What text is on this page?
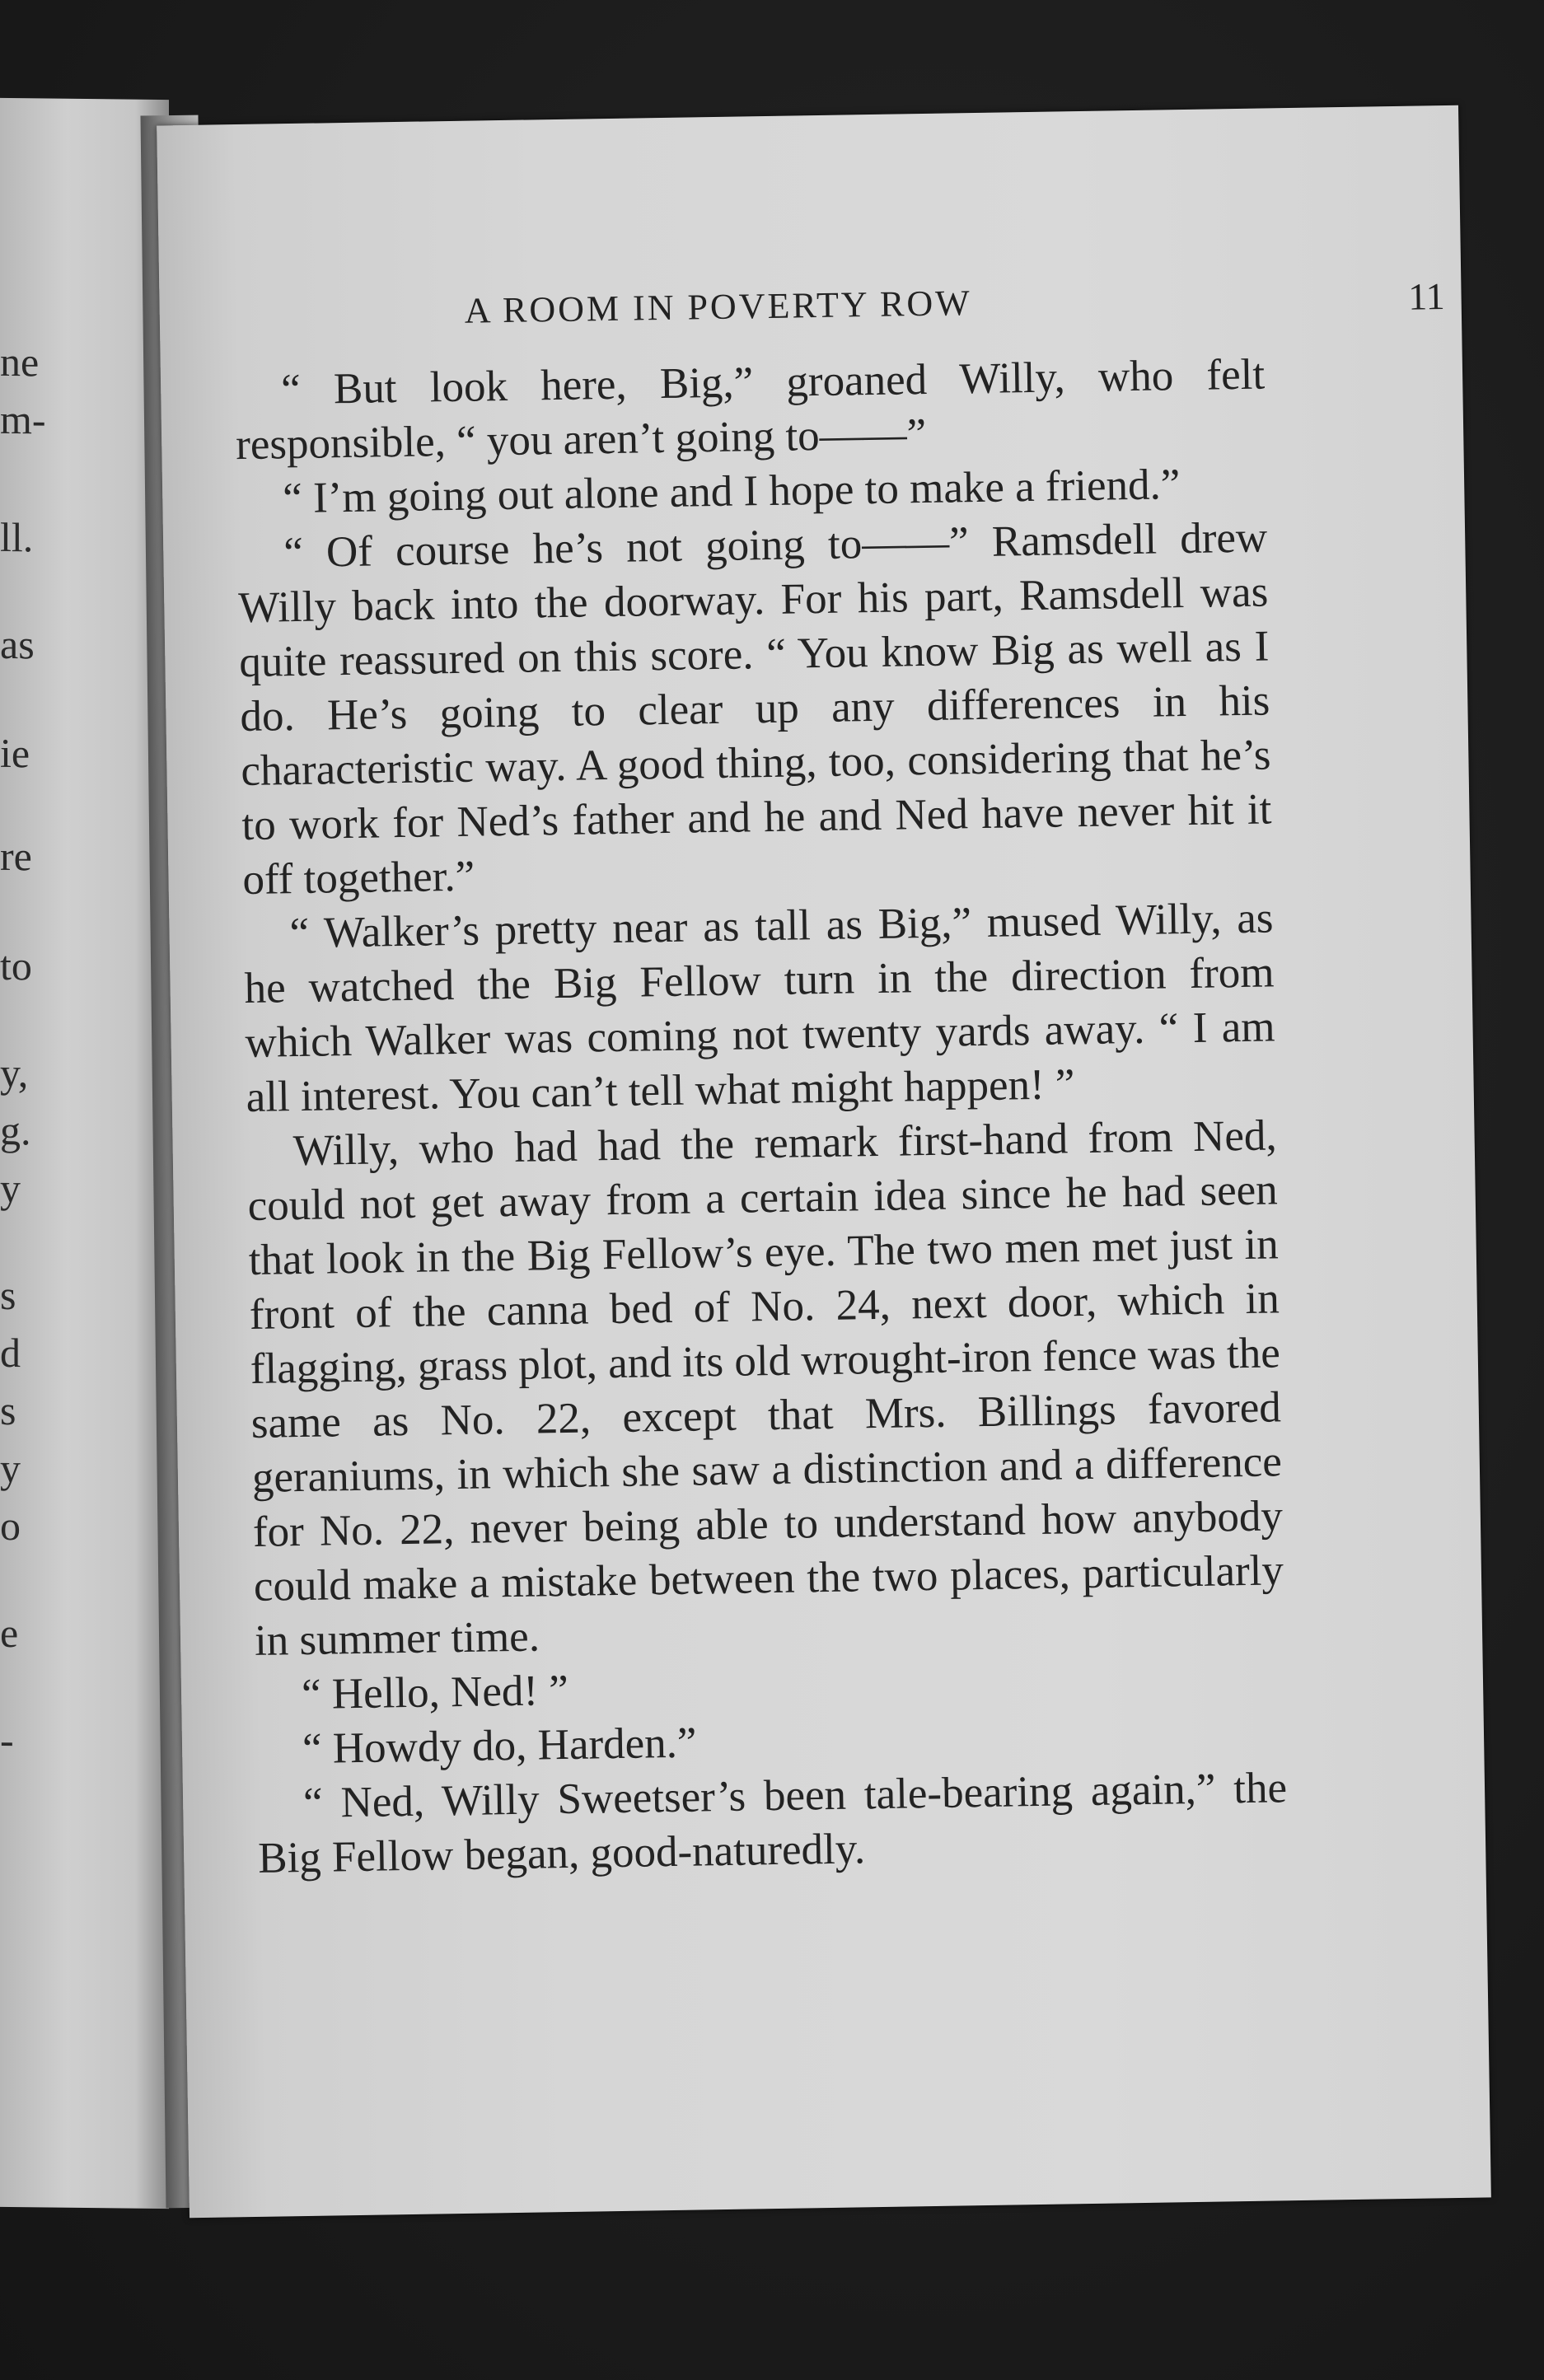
ne
m-
ll.
as
ie
re
to
y,
g.
y
s
d
s
y
o
e
-
A ROOM IN POVERTY ROW	11

“ But look here, Big,” groaned Willy, who felt responsible, “ you aren’t going to——”

“ I’m going out alone and I hope to make a friend.”

“ Of course he’s not going to——” Ramsdell drew Willy back into the doorway. For his part, Ramsdell was quite reassured on this score. “ You know Big as well as I do. He’s going to clear up any differences in his characteristic way. A good thing, too, considering that he’s to work for Ned’s father and he and Ned have never hit it off together.”

“ Walker’s pretty near as tall as Big,” mused Willy, as he watched the Big Fellow turn in the direction from which Walker was coming not twenty yards away. “ I am all interest. You can’t tell what might happen! ”

Willy, who had had the remark first-hand from Ned, could not get away from a certain idea since he had seen that look in the Big Fellow’s eye. The two men met just in front of the canna bed of No. 24, next door, which in flagging, grass plot, and its old wrought-iron fence was the same as No. 22, except that Mrs. Billings favored geraniums, in which she saw a distinction and a difference for No. 22, never being able to understand how anybody could make a mistake between the two places, particularly in summer time.

“ Hello, Ned! ”

“ Howdy do, Harden.”

“ Ned, Willy Sweetser’s been tale-bearing again,” the Big Fellow began, good-naturedly.
